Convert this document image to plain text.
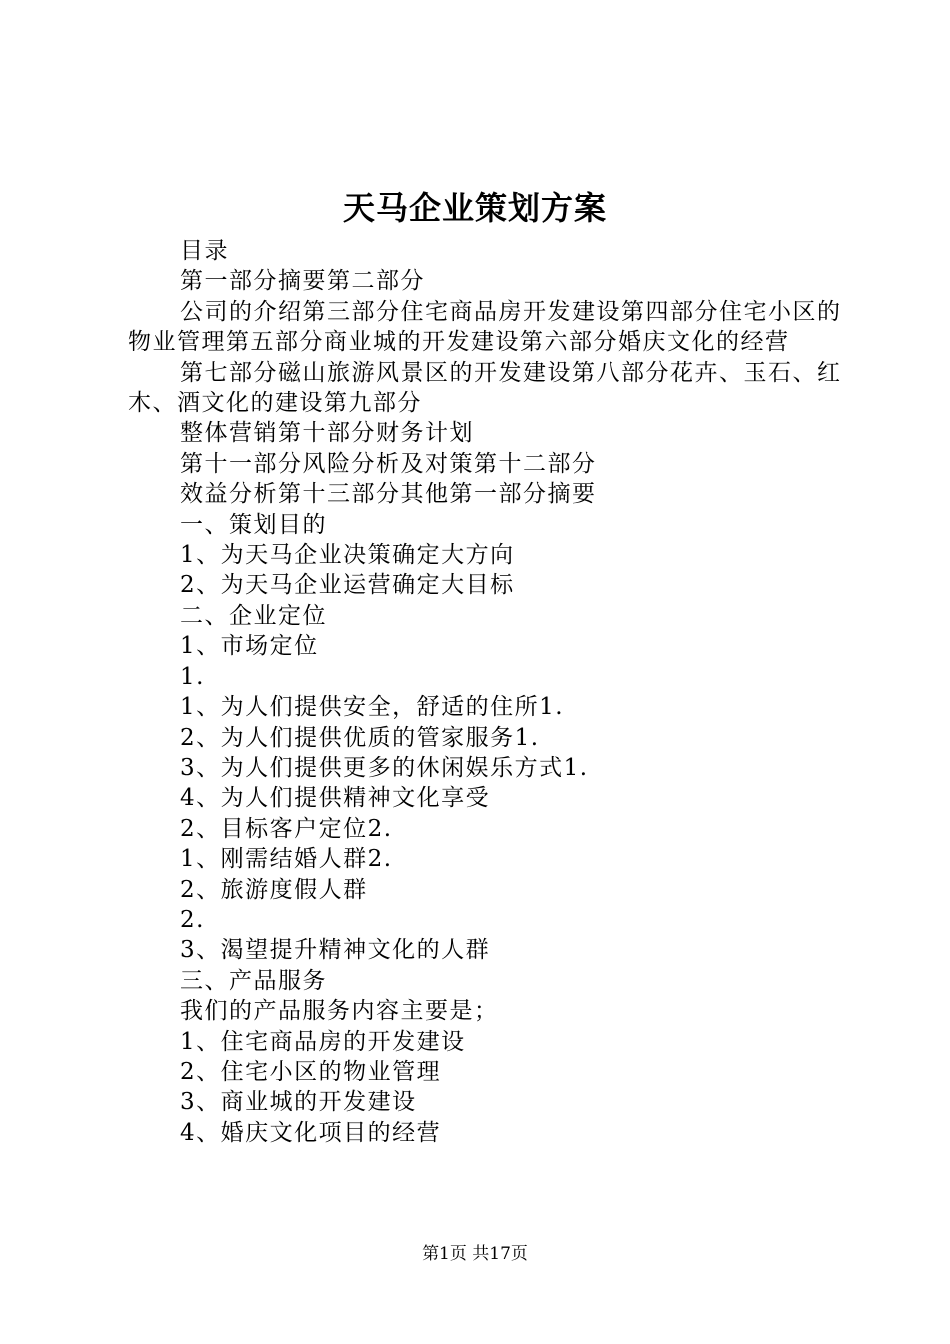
天马企业策划方案

目录

第一部分摘要第二部分

公司的介绍第三部分住宅商品房开发建设第四部分住宅小区的物业管理第五部分商业城的开发建设第六部分婚庆文化的经营

第七部分磁山旅游风景区的开发建设第八部分花卉、玉石、红木、酒文化的建设第九部分

整体营销第十部分财务计划

第十一部分风险分析及对策第十二部分

效益分析第十三部分其他第一部分摘要

一、策划目的

1、为天马企业决策确定大方向

2、为天马企业运营确定大目标

二、企业定位

1、市场定位

1.

1、为人们提供安全，舒适的住所1.

2、为人们提供优质的管家服务1.

3、为人们提供更多的休闲娱乐方式1.

4、为人们提供精神文化享受

2、目标客户定位2.

1、刚需结婚人群2.

2、旅游度假人群

2.

3、渴望提升精神文化的人群

三、产品服务

我们的产品服务内容主要是；

1、住宅商品房的开发建设

2、住宅小区的物业管理

3、商业城的开发建设

4、婚庆文化项目的经营

第1页 共17页
